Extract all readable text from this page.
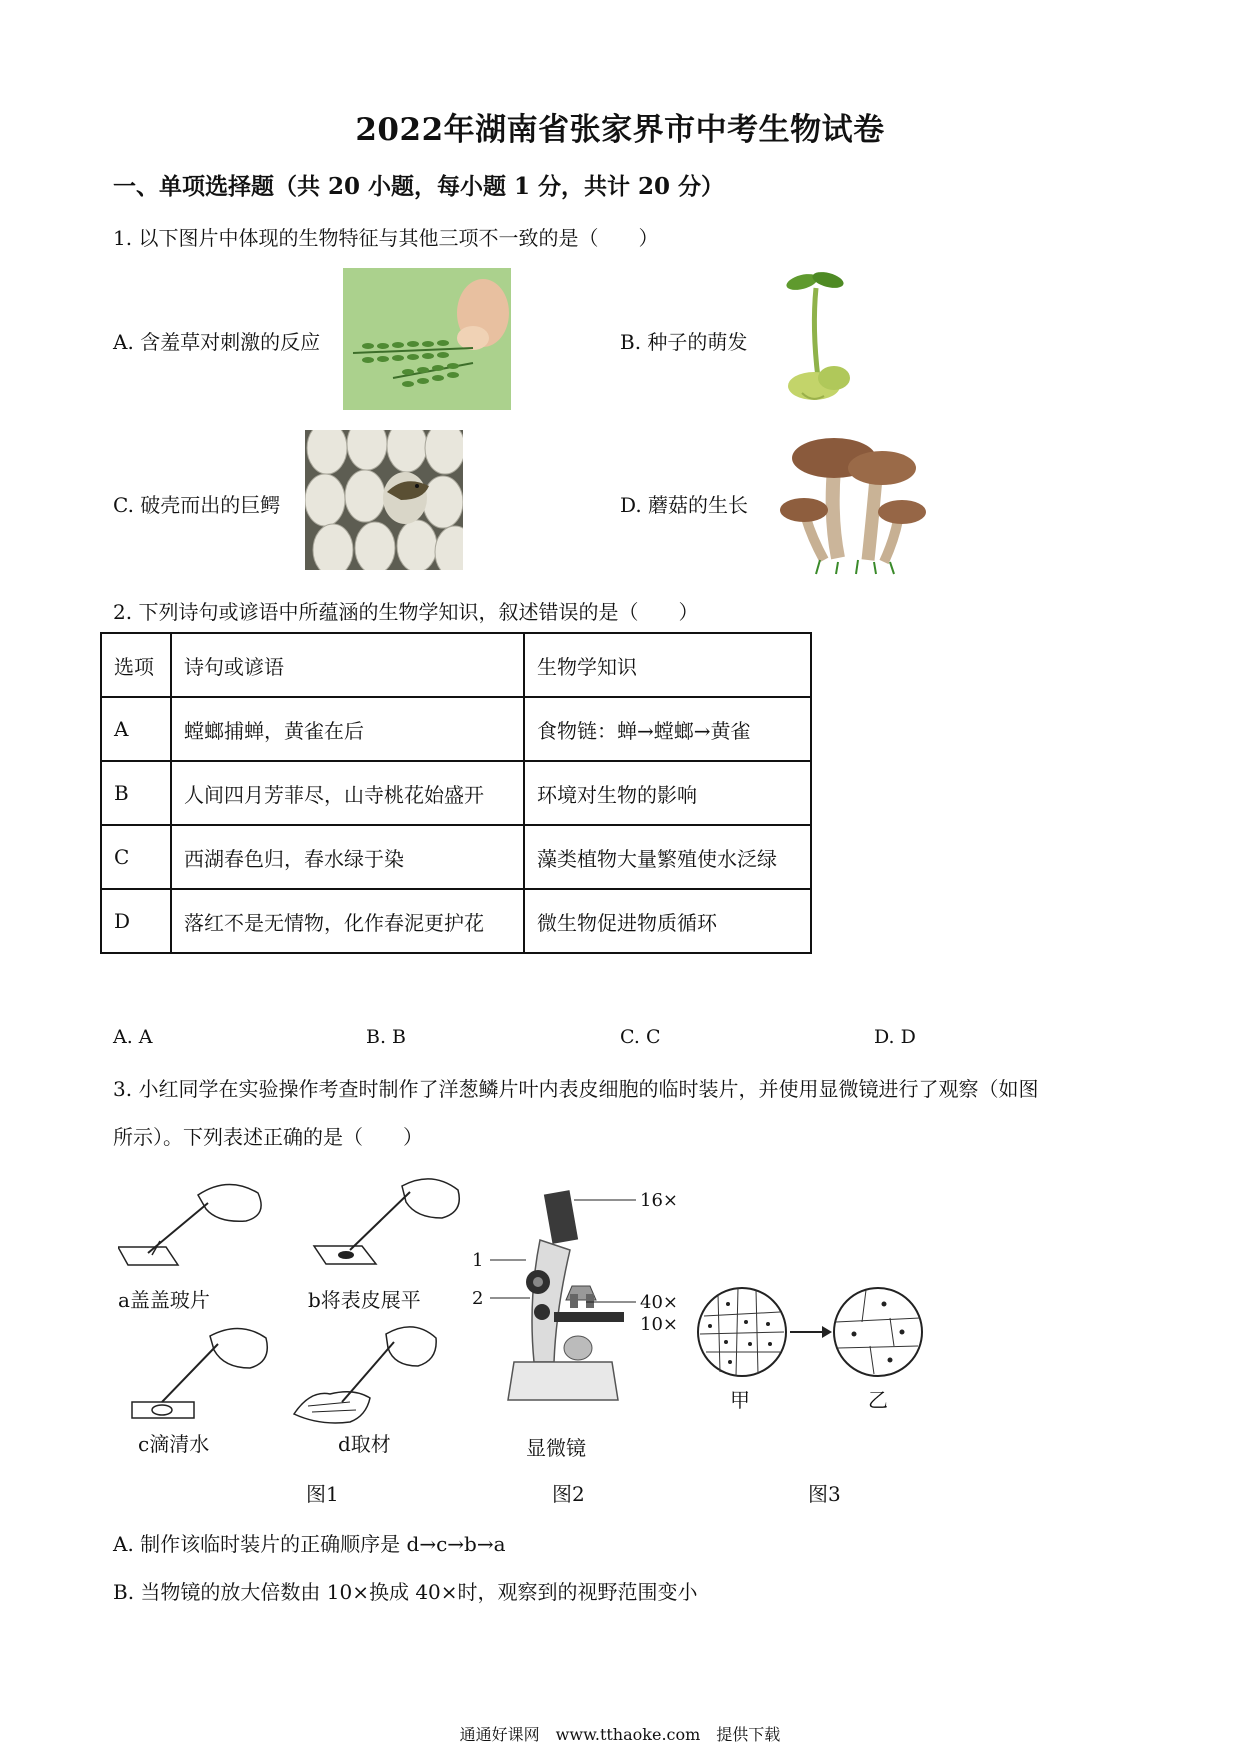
2022年湖南省张家界市中考生物试卷
一、单项选择题（共 20 小题，每小题 1 分，共计 20 分）
1. 以下图片中体现的生物特征与其他三项不一致的是（　　）
A. 含羞草对刺激的反应	B. 种子的萌发
C. 破壳而出的巨鳄	D. 蘑菇的生长
2. 下列诗句或谚语中所蕴涵的生物学知识，叙述错误的是（　　）
选项	诗句或谚语	生物学知识
A	螳螂捕蝉，黄雀在后	食物链：蝉→螳螂→黄雀
B	人间四月芳菲尽，山寺桃花始盛开	环境对生物的影响
C	西湖春色归，春水绿于染	藻类植物大量繁殖使水泛绿
D	落红不是无情物，化作春泥更护花	微生物促进物质循环
A. A	B. B	C. C	D. D
3. 小红同学在实验操作考查时制作了洋葱鳞片叶内表皮细胞的临时装片，并使用显微镜进行了观察（如图
所示）。下列表述正确的是（　　）
a盖盖玻片	b将表皮展平
c滴清水	d取材
图1
1
2
16×
40×
10×
显微镜
图2
甲	乙
图3
A. 制作该临时装片的正确顺序是 d→c→b→a
B. 当物镜的放大倍数由 10×换成 40×时，观察到的视野范围变小
通通好课网　www.tthaoke.com　提供下载
